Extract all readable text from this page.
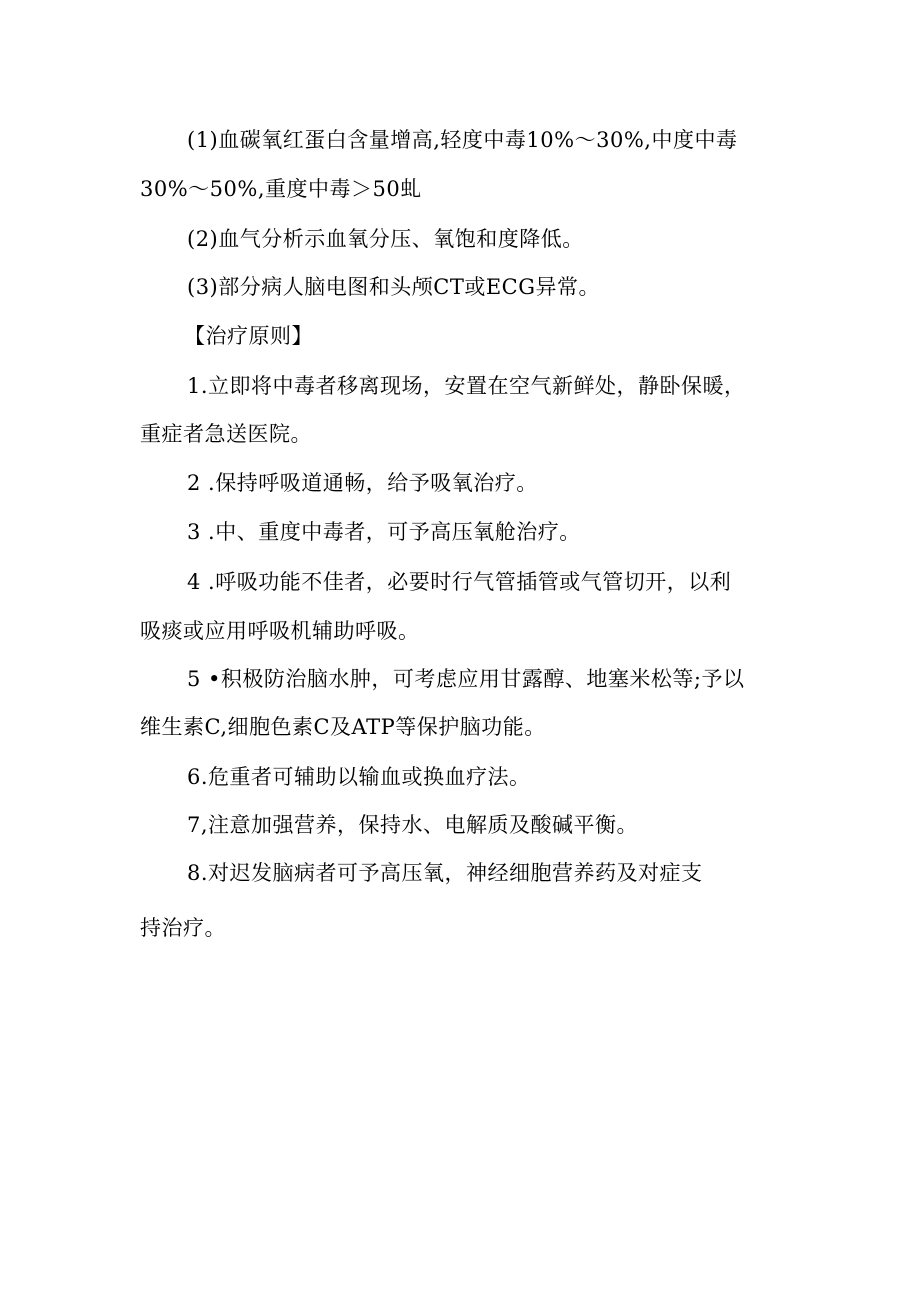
(1)血碳氧红蛋白含量增高,轻度中毒10%～30%,中度中毒
30%～50%,重度中毒＞50虬
(2)血气分析示血氧分压、氧饱和度降低。
(3)部分病人脑电图和头颅CT或ECG异常。
【治疗原则】
1.立即将中毒者移离现场，安置在空气新鲜处，静卧保暖，
重症者急送医院。
2 .保持呼吸道通畅，给予吸氧治疗。
3 .中、重度中毒者，可予高压氧舱治疗。
4 .呼吸功能不佳者，必要时行气管插管或气管切开，以利
吸痰或应用呼吸机辅助呼吸。
5 •积极防治脑水肿，可考虑应用甘露醇、地塞米松等;予以
维生素C,细胞色素C及ATP等保护脑功能。
6.危重者可辅助以输血或换血疗法。
7,注意加强营养，保持水、电解质及酸碱平衡。
8.对迟发脑病者可予高压氧，神经细胞营养药及对症支
持治疗。
